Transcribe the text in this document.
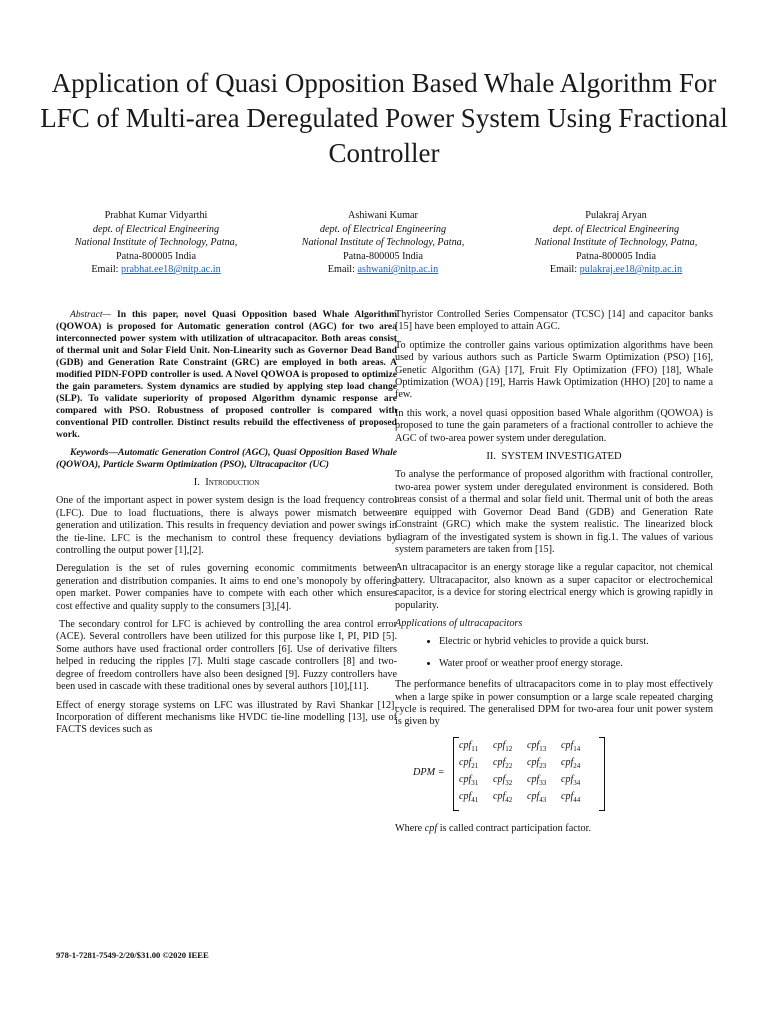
Application of Quasi Opposition Based Whale Algorithm For LFC of Multi-area Deregulated Power System Using Fractional Controller
Prabhat Kumar Vidyarthi
dept. of Electrical Engineering
National Institute of Technology, Patna,
Patna-800005 India
Email: prabhat.ee18@nitp.ac.in
Ashiwani Kumar
dept. of Electrical Engineering
National Institute of Technology, Patna,
Patna-800005 India
Email: ashwani@nitp.ac.in
Pulakraj Aryan
dept. of Electrical Engineering
National Institute of Technology, Patna,
Patna-800005 India
Email: pulakraj.ee18@nitp.ac.in

Abstract— In this paper, novel Quasi Opposition based Whale Algorithm (QOWOA) is proposed for Automatic generation control (AGC) for two area interconnected power system with utilization of ultracapacitor. Both areas consist of thermal unit and Solar Field Unit. Non-Linearity such as Governor Dead Band (GDB) and Generation Rate Constraint (GRC) are employed in both areas. A modified PIDN-FOPD controller is used. A Novel QOWOA is proposed to optimize the gain parameters. System dynamics are studied by applying step load change (SLP). To validate superiority of proposed Algorithm dynamic response are compared with PSO. Robustness of proposed controller is compared with conventional PID controller. Distinct results rebuild the effectiveness of proposed work.

Keywords—Automatic Generation Control (AGC), Quasi Opposition Based Whale (QOWOA), Particle Swarm Optimization (PSO), Ultracapacitor (UC)

I. Introduction

One of the important aspect in power system design is the load frequency control (LFC). Due to load fluctuations, there is always power mismatch between generation and utilization. This results in frequency deviation and power swings in the tie-line. LFC is the mechanism to control these frequency deviations by controlling the output power [1],[2].

Deregulation is the set of rules governing economic commitments between generation and distribution companies. It aims to end one’s monopoly by offering open market. Power companies have to compete with each other which ensures cost effective and quality supply to the consumers [3],[4].

The secondary control for LFC is achieved by controlling the area control error (ACE). Several controllers have been utilized for this purpose like I, PI, PID [5]. Some authors have used fractional order controllers [6]. Use of derivative filters helped in reducing the ripples [7]. Multi stage cascade controllers [8] and two-degree of freedom controllers have also been designed [9]. Fuzzy controllers have been used in cascade with these traditional ones by several authors [10],[11].

Effect of energy storage systems on LFC was illustrated by Ravi Shankar [12]. Incorporation of different mechanisms like HVDC tie-line modelling [13], use of FACTS devices such as

Thyristor Controlled Series Compensator (TCSC) [14] and capacitor banks [15] have been employed to attain AGC.

To optimize the controller gains various optimization algorithms have been used by various authors such as Particle Swarm Optimization (PSO) [16], Genetic Algorithm (GA) [17], Fruit Fly Optimization (FFO) [18], Whale Optimization (WOA) [19], Harris Hawk Optimization (HHO) [20] to name a few.

In this work, a novel quasi opposition based Whale algorithm (QOWOA) is proposed to tune the gain parameters of a fractional controller to achieve the AGC of two-area power system under deregulation.

II. SYSTEM INVESTIGATED

To analyse the performance of proposed algorithm with fractional controller, two-area power system under deregulated environment is considered. Both areas consist of a thermal and solar field unit. Thermal unit of both the areas are equipped with Governor Dead Band (GDB) and Generation Rate Constraint (GRC) which make the system realistic. The linearized block diagram of the investigated system is shown in fig.1. The values of various system parameters are taken from [15].

An ultracapacitor is an energy storage like a regular capacitor, not chemical battery. Ultracapacitor, also known as a super capacitor or electrochemical capacitor, is a device for storing electrical energy which is growing rapidly in popularity.

Applications of ultracapacitors
• Electric or hybrid vehicles to provide a quick burst.
• Water proof or weather proof energy storage.

The performance benefits of ultracapacitors come in to play most effectively when a large spike in power consumption or a large scale repeated charging cycle is required. The generalised DPM for two-area four unit power system is given by

DPM =
cpf$_{11}$	cpf$_{12}$	cpf$_{13}$	cpf$_{14}$
cpf$_{21}$	cpf$_{22}$	cpf$_{23}$	cpf$_{24}$
cpf$_{31}$	cpf$_{32}$	cpf$_{33}$	cpf$_{34}$
cpf$_{41}$	cpf$_{42}$	cpf$_{43}$	cpf$_{44}$

Where cpf is called contract participation factor.

978-1-7281-7549-2/20/$31.00 ©2020 IEEE
